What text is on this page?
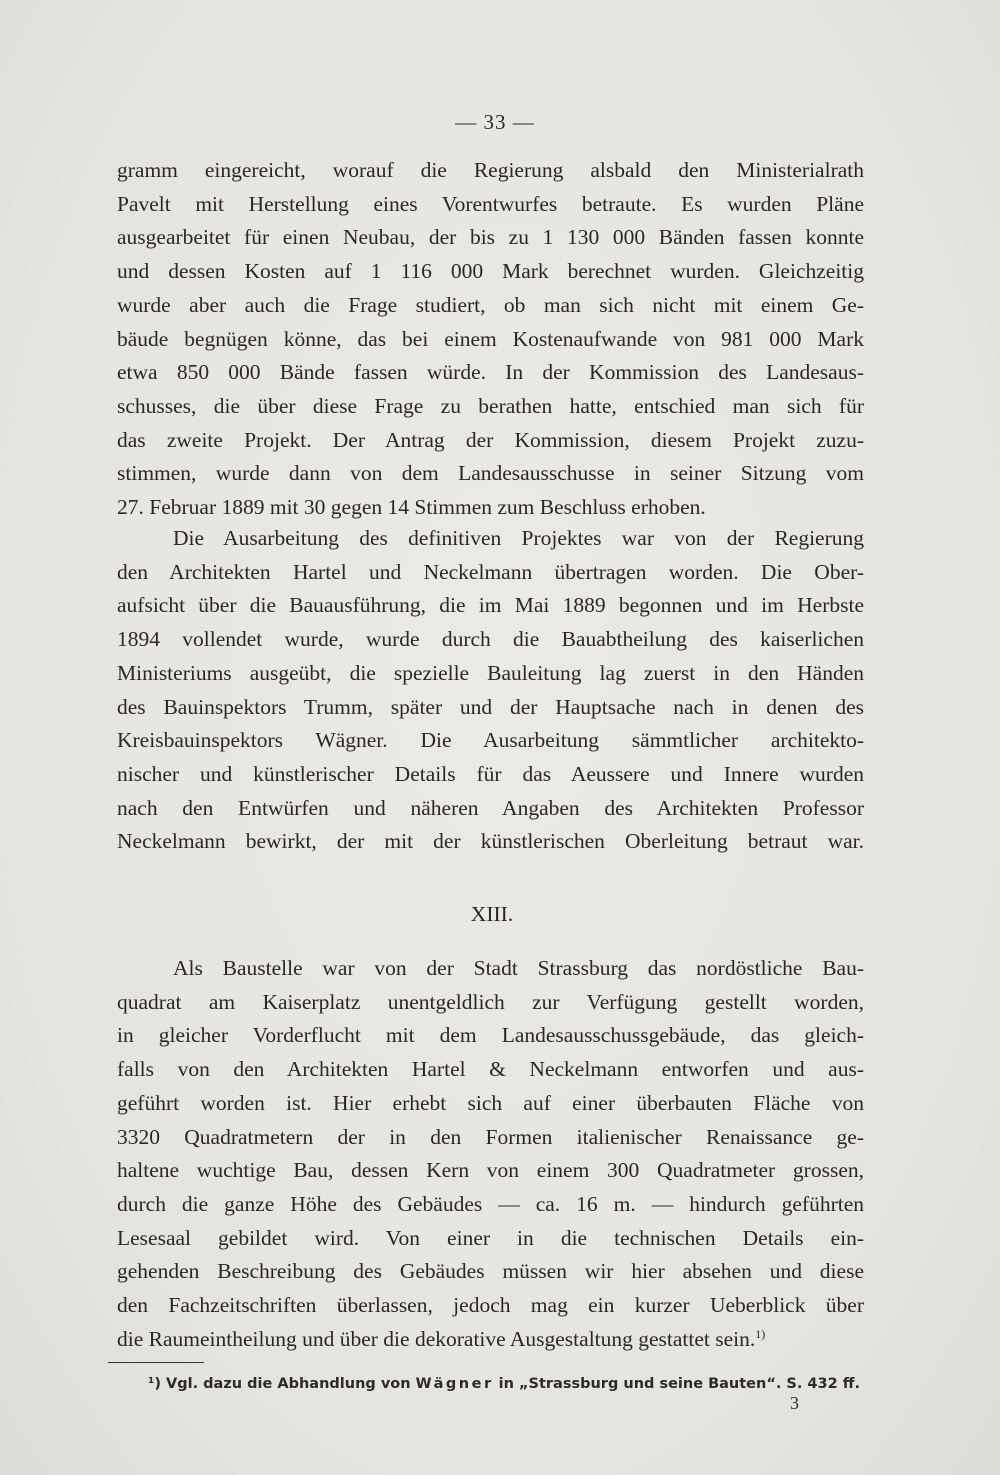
— 33 —
gramm eingereicht, worauf die Regierung alsbald den Ministerialrath
Pavelt mit Herstellung eines Vorentwurfes betraute. Es wurden Pläne
ausgearbeitet für einen Neubau, der bis zu 1 130 000 Bänden fassen konnte
und dessen Kosten auf 1 116 000 Mark berechnet wurden. Gleichzeitig
wurde aber auch die Frage studiert, ob man sich nicht mit einem Ge-
bäude begnügen könne, das bei einem Kostenaufwande von 981 000 Mark
etwa 850 000 Bände fassen würde. In der Kommission des Landesaus-
schusses, die über diese Frage zu berathen hatte, entschied man sich für
das zweite Projekt. Der Antrag der Kommission, diesem Projekt zuzu-
stimmen, wurde dann von dem Landesausschusse in seiner Sitzung vom
27. Februar 1889 mit 30 gegen 14 Stimmen zum Beschluss erhoben.
Die Ausarbeitung des definitiven Projektes war von der Regierung
den Architekten Hartel und Neckelmann übertragen worden. Die Ober-
aufsicht über die Bauausführung, die im Mai 1889 begonnen und im Herbste
1894 vollendet wurde, wurde durch die Bauabtheilung des kaiserlichen
Ministeriums ausgeübt, die spezielle Bauleitung lag zuerst in den Händen
des Bauinspektors Trumm, später und der Hauptsache nach in denen des
Kreisbauinspektors Wägner. Die Ausarbeitung sämmtlicher architekto-
nischer und künstlerischer Details für das Aeussere und Innere wurden
nach den Entwürfen und näheren Angaben des Architekten Professor
Neckelmann bewirkt, der mit der künstlerischen Oberleitung betraut war.
XIII.
Als Baustelle war von der Stadt Strassburg das nordöstliche Bau-
quadrat am Kaiserplatz unentgeldlich zur Verfügung gestellt worden,
in gleicher Vorderflucht mit dem Landesausschussgebäude, das gleich-
falls von den Architekten Hartel & Neckelmann entworfen und aus-
geführt worden ist. Hier erhebt sich auf einer überbauten Fläche von
3320 Quadratmetern der in den Formen italienischer Renaissance ge-
haltene wuchtige Bau, dessen Kern von einem 300 Quadratmeter grossen,
durch die ganze Höhe des Gebäudes — ca. 16 m. — hindurch geführten
Lesesaal gebildet wird. Von einer in die technischen Details ein-
gehenden Beschreibung des Gebäudes müssen wir hier absehen und diese
den Fachzeitschriften überlassen, jedoch mag ein kurzer Ueberblick über
die Raumeintheilung und über die dekorative Ausgestaltung gestattet sein.$^{1)}$
¹) Vgl. dazu die Abhandlung von Wägner in „Strassburg und seine Bauten“. S. 432 ff.
3
